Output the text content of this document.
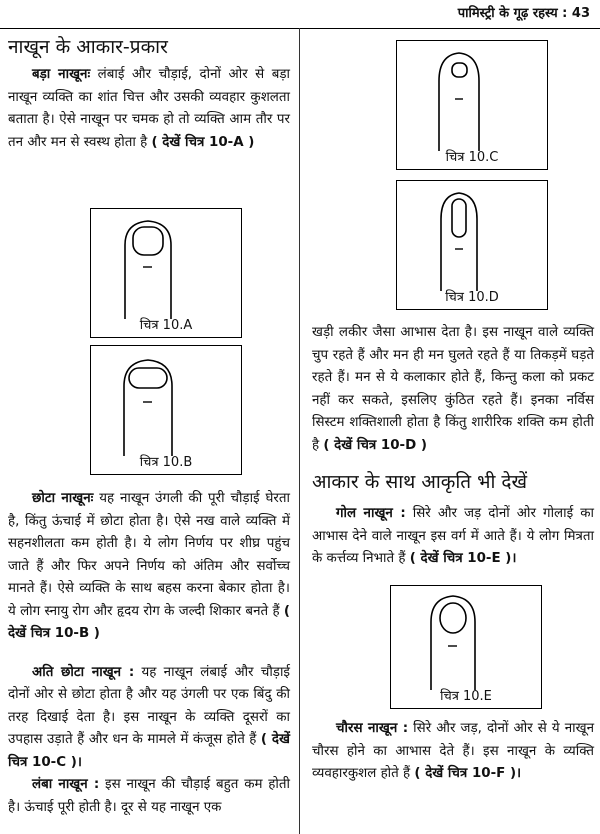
पामिस्ट्री के गूढ़ रहस्य : 43
नाखून के आकार-प्रकार

बड़ा नाखूनः लंबाई और चौड़ाई, दोनों ओर से बड़ा नाखून व्यक्ति का शांत चित्त और उसकी व्यवहार कुशलता बताता है। ऐसे नाखून पर चमक हो तो व्यक्ति आम तौर पर तन और मन से स्वस्थ होता है ( देखें चित्र 10-A )

चित्र 10.A
चित्र 10.B

छोटा नाखूनः यह नाखून उंगली की पूरी चौड़ाई घेरता है, किंतु ऊंचाई में छोटा होता है। ऐसे नख वाले व्यक्ति में सहनशीलता कम होती है। ये लोग निर्णय पर शीघ्र पहुंच जाते हैं और फिर अपने निर्णय को अंतिम और सर्वोच्च मानते हैं। ऐसे व्यक्ति के साथ बहस करना बेकार होता है। ये लोग स्नायु रोग और हृदय रोग के जल्दी शिकार बनते हैं ( देखें चित्र 10-B )

अति छोटा नाखून : यह नाखून लंबाई और चौड़ाई दोनों ओर से छोटा होता है और यह उंगली पर एक बिंदु की तरह दिखाई देता है। इस नाखून के व्यक्ति दूसरों का उपहास उड़ाते हैं और धन के मामले में कंजूस होते हैं ( देखें चित्र 10-C )।

लंबा नाखून : इस नाखून की चौड़ाई बहुत कम होती है। ऊंचाई पूरी होती है। दूर से यह नाखून एक

चित्र 10.C
चित्र 10.D

खड़ी लकीर जैसा आभास देता है। इस नाखून वाले व्यक्ति चुप रहते हैं और मन ही मन घुलते रहते हैं या तिकड़में घड़ते रहते हैं। मन से ये कलाकार होते हैं, किन्तु कला को प्रकट नहीं कर सकते, इसलिए कुंठित रहते हैं। इनका नर्विस सिस्टम शक्तिशाली होता है किंतु शारीरिक शक्ति कम होती है ( देखें चित्र 10-D )

आकार के साथ आकृति भी देखें

गोल नाखून : सिरे और जड़ दोनों ओर गोलाई का आभास देने वाले नाखून इस वर्ग में आते हैं। ये लोग मित्रता के कर्त्तव्य निभाते हैं ( देखें चित्र 10-E )।

चित्र 10.E

चौरस नाखून : सिरे और जड़, दोनों ओर से ये नाखून चौरस होने का आभास देते हैं। इस नाखून के व्यक्ति व्यवहारकुशल होते हैं ( देखें चित्र 10-F )।
